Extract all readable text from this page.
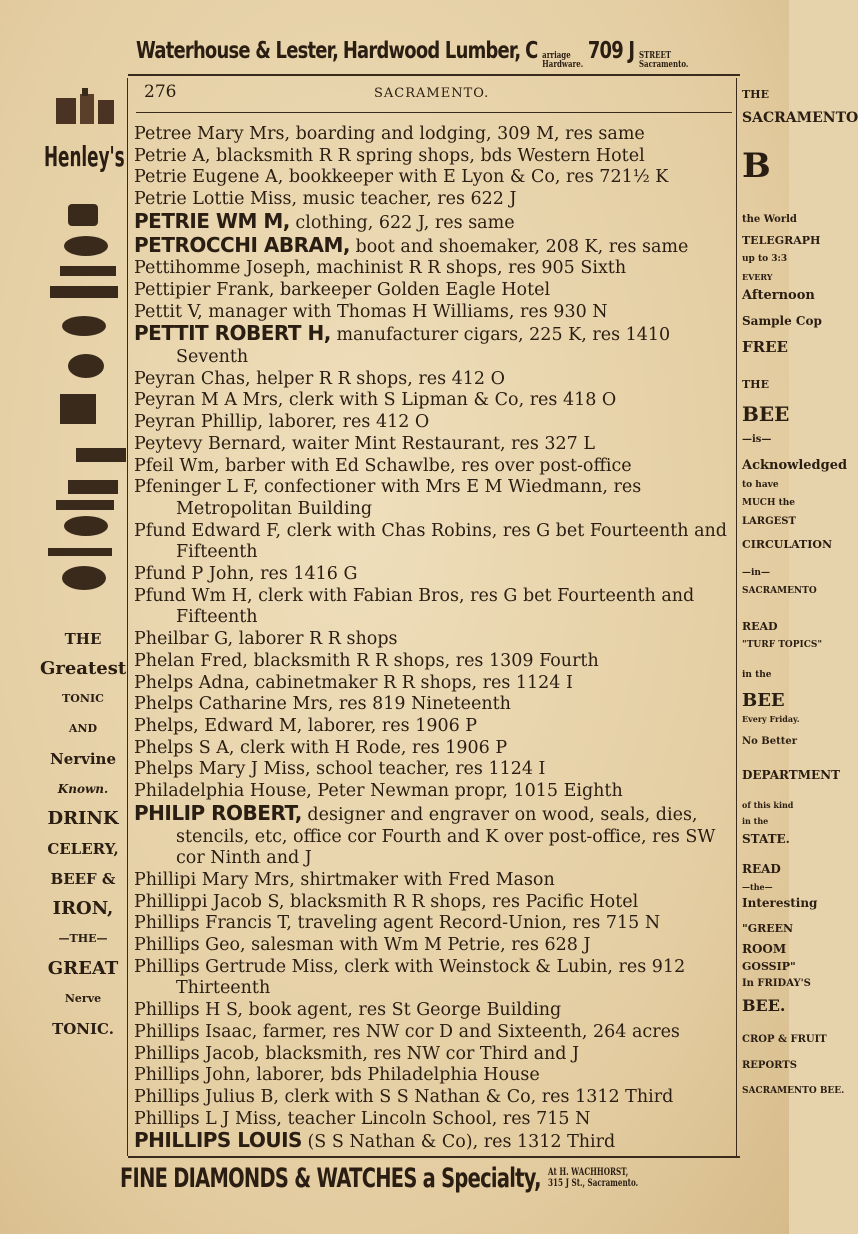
Waterhouse & Lester, Hardwood Lumber, C arriage
Hardware.
709 J STREET
Sacramento.
276	SACRAMENTO.
Petree Mary Mrs, boarding and lodging, 309 M, res same
Petrie A, blacksmith R R spring shops, bds Western Hotel
Petrie Eugene A, bookkeeper with E Lyon & Co, res 721½ K
Petrie Lottie Miss, music teacher, res 622 J
PETRIE WM M, clothing, 622 J, res same
PETROCCHI ABRAM, boot and shoemaker, 208 K, res same
Pettihomme Joseph, machinist R R shops, res 905 Sixth
Pettipier Frank, barkeeper Golden Eagle Hotel
Pettit V, manager with Thomas H Williams, res 930 N
PETTIT ROBERT H, manufacturer cigars, 225 K, res 1410 Seventh
Peyran Chas, helper R R shops, res 412 O
Peyran M A Mrs, clerk with S Lipman & Co, res 418 O
Peyran Phillip, laborer, res 412 O
Peytevy Bernard, waiter Mint Restaurant, res 327 L
Pfeil Wm, barber with Ed Schawlbe, res over post-office
Pfeninger L F, confectioner with Mrs E M Wiedmann, res Metropolitan Building
Pfund Edward F, clerk with Chas Robins, res G bet Fourteenth and Fifteenth
Pfund P John, res 1416 G
Pfund Wm H, clerk with Fabian Bros, res G bet Fourteenth and Fifteenth
Pheilbar G, laborer R R shops
Phelan Fred, blacksmith R R shops, res 1309 Fourth
Phelps Adna, cabinetmaker R R shops, res 1124 I
Phelps Catharine Mrs, res 819 Nineteenth
Phelps, Edward M, laborer, res 1906 P
Phelps S A, clerk with H Rode, res 1906 P
Phelps Mary J Miss, school teacher, res 1124 I
Philadelphia House, Peter Newman propr, 1015 Eighth
PHILIP ROBERT, designer and engraver on wood, seals, dies, stencils, etc, office cor Fourth and K over post-office, res SW cor Ninth and J
Phillipi Mary Mrs, shirtmaker with Fred Mason
Phillippi Jacob S, blacksmith R R shops, res Pacific Hotel
Phillips Francis T, traveling agent Record-Union, res 715 N
Phillips Geo, salesman with Wm M Petrie, res 628 J
Phillips Gertrude Miss, clerk with Weinstock & Lubin, res 912 Thirteenth
Phillips H S, book agent, res St George Building
Phillips Isaac, farmer, res NW cor D and Sixteenth, 264 acres
Phillips Jacob, blacksmith, res NW cor Third and J
Phillips John, laborer, bds Philadelphia House
Phillips Julius B, clerk with S S Nathan & Co, res 1312 Third
Phillips L J Miss, teacher Lincoln School, res 715 N
PHILLIPS LOUIS (S S Nathan & Co), res 1312 Third
FINE DIAMONDS & WATCHES a Specialty, At H. WACHHORST,
315 J St., Sacramento.
Henley's
THE
Greatest
TONIC
AND
Nervine
Known.
DRINK
CELERY,
BEEF &
IRON,
—THE—
GREAT
Nerve
TONIC.
THE
SACRAMENTO
B
the World
TELEGRAPH
up to 3:3
EVERY
Afternoon
Sample Cop
FREE
THE
BEE
—is—
Acknowledged
to have
MUCH the
LARGEST
CIRCULATION
—in—
SACRAMENTO
READ
"TURF TOPICS"
in the
BEE
Every Friday.
No Better
DEPARTMENT
of this kind
in the
STATE.
READ
—the—
Interesting
"GREEN
ROOM
GOSSIP"
In FRIDAY'S
BEE.
CROP & FRUIT
REPORTS
SACRAMENTO BEE.
